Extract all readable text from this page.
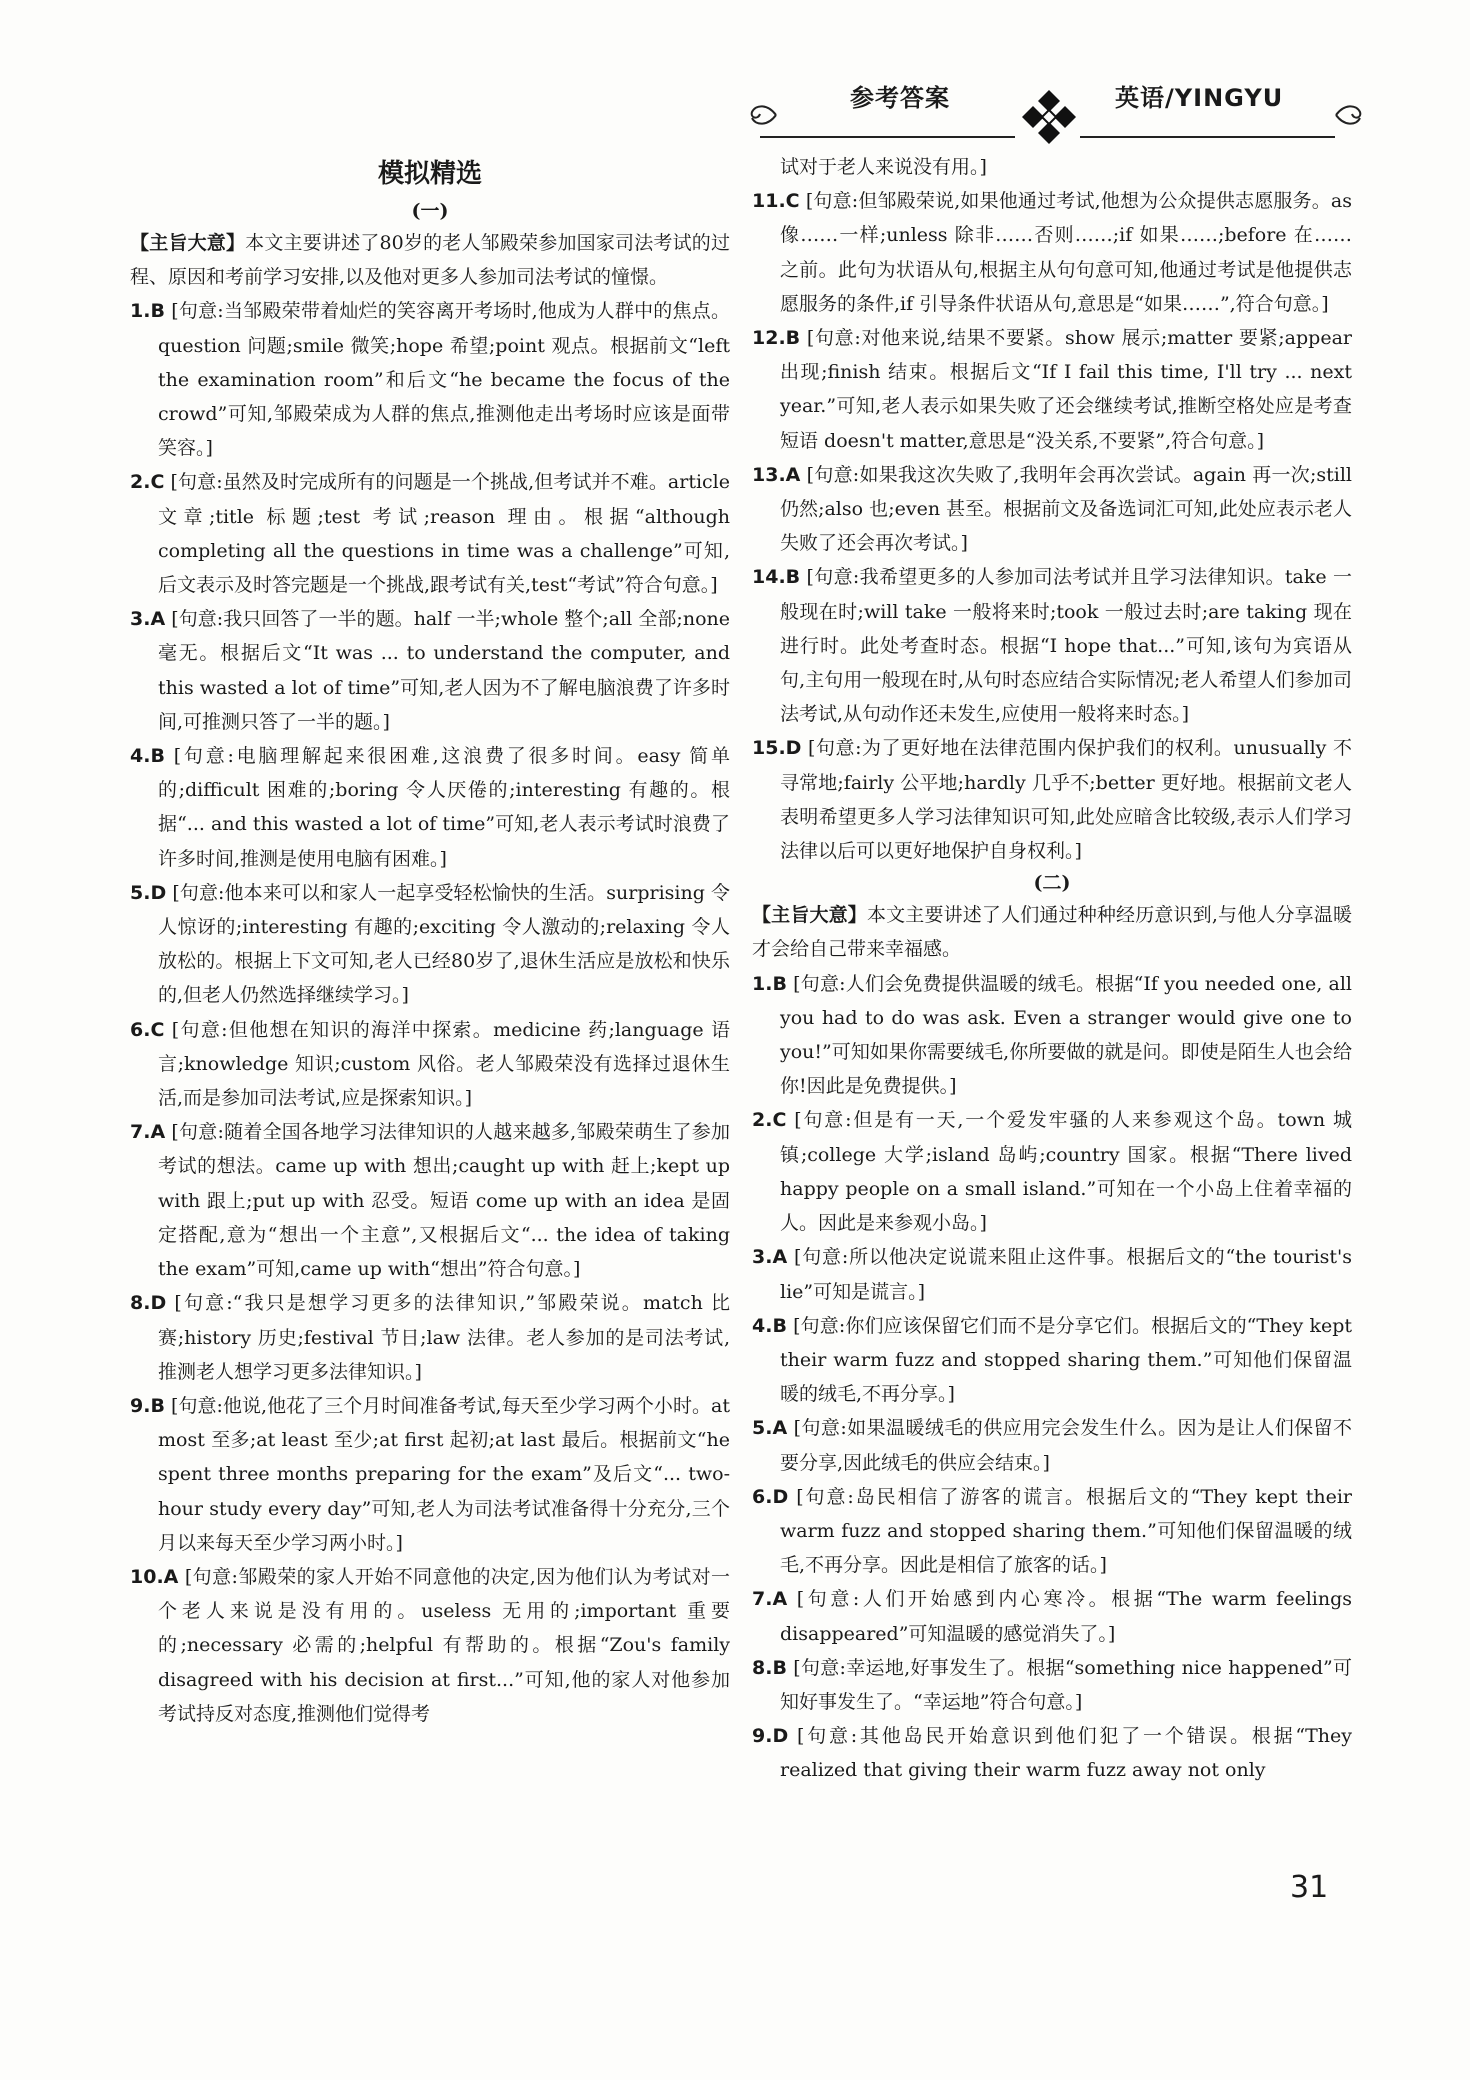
参考答案	英语/YINGYU
模拟精选
(一)

【主旨大意】本文主要讲述了80岁的老人邹殿荣参加国家司法考试的过程、原因和考前学习安排,以及他对更多人参加司法考试的憧憬。

1.B [句意:当邹殿荣带着灿烂的笑容离开考场时,他成为人群中的焦点。question 问题;smile 微笑;hope 希望;point 观点。根据前文“left the examination room”和后文“he became the focus of the crowd”可知,邹殿荣成为人群的焦点,推测他走出考场时应该是面带笑容。]

2.C [句意:虽然及时完成所有的问题是一个挑战,但考试并不难。article 文章;title 标题;test 考试;reason 理由。根据“although completing all the questions in time was a challenge”可知,后文表示及时答完题是一个挑战,跟考试有关,test“考试”符合句意。]

3.A [句意:我只回答了一半的题。half 一半;whole 整个;all 全部;none 毫无。根据后文“It was ... to understand the computer, and this wasted a lot of time”可知,老人因为不了解电脑浪费了许多时间,可推测只答了一半的题。]

4.B [句意:电脑理解起来很困难,这浪费了很多时间。easy 简单的;difficult 困难的;boring 令人厌倦的;interesting 有趣的。根据“... and this wasted a lot of time”可知,老人表示考试时浪费了许多时间,推测是使用电脑有困难。]

5.D [句意:他本来可以和家人一起享受轻松愉快的生活。surprising 令人惊讶的;interesting 有趣的;exciting 令人激动的;relaxing 令人放松的。根据上下文可知,老人已经80岁了,退休生活应是放松和快乐的,但老人仍然选择继续学习。]

6.C [句意:但他想在知识的海洋中探索。medicine 药;language 语言;knowledge 知识;custom 风俗。老人邹殿荣没有选择过退休生活,而是参加司法考试,应是探索知识。]

7.A [句意:随着全国各地学习法律知识的人越来越多,邹殿荣萌生了参加考试的想法。came up with 想出;caught up with 赶上;kept up with 跟上;put up with 忍受。短语 come up with an idea 是固定搭配,意为“想出一个主意”,又根据后文“... the idea of taking the exam”可知,came up with“想出”符合句意。]

8.D [句意:“我只是想学习更多的法律知识,”邹殿荣说。match 比赛;history 历史;festival 节日;law 法律。老人参加的是司法考试,推测老人想学习更多法律知识。]

9.B [句意:他说,他花了三个月时间准备考试,每天至少学习两个小时。at most 至多;at least 至少;at first 起初;at last 最后。根据前文“he spent three months preparing for the exam”及后文“... two-hour study every day”可知,老人为司法考试准备得十分充分,三个月以来每天至少学习两小时。]

10.A [句意:邹殿荣的家人开始不同意他的决定,因为他们认为考试对一个老人来说是没有用的。useless 无用的;important 重要的;necessary 必需的;helpful 有帮助的。根据“Zou's family disagreed with his decision at first...”可知,他的家人对他参加考试持反对态度,推测他们觉得考

试对于老人来说没有用。]

11.C [句意:但邹殿荣说,如果他通过考试,他想为公众提供志愿服务。as 像……一样;unless 除非……否则……;if 如果……;before 在……之前。此句为状语从句,根据主从句句意可知,他通过考试是他提供志愿服务的条件,if 引导条件状语从句,意思是“如果……”,符合句意。]

12.B [句意:对他来说,结果不要紧。show 展示;matter 要紧;appear 出现;finish 结束。根据后文“If I fail this time, I'll try ... next year.”可知,老人表示如果失败了还会继续考试,推断空格处应是考查短语 doesn't matter,意思是“没关系,不要紧”,符合句意。]

13.A [句意:如果我这次失败了,我明年会再次尝试。again 再一次;still 仍然;also 也;even 甚至。根据前文及备选词汇可知,此处应表示老人失败了还会再次考试。]

14.B [句意:我希望更多的人参加司法考试并且学习法律知识。take 一般现在时;will take 一般将来时;took 一般过去时;are taking 现在进行时。此处考查时态。根据“I hope that...”可知,该句为宾语从句,主句用一般现在时,从句时态应结合实际情况;老人希望人们参加司法考试,从句动作还未发生,应使用一般将来时态。]

15.D [句意:为了更好地在法律范围内保护我们的权利。unusually 不寻常地;fairly 公平地;hardly 几乎不;better 更好地。根据前文老人表明希望更多人学习法律知识可知,此处应暗含比较级,表示人们学习法律以后可以更好地保护自身权利。]

(二)

【主旨大意】本文主要讲述了人们通过种种经历意识到,与他人分享温暖才会给自己带来幸福感。

1.B [句意:人们会免费提供温暖的绒毛。根据“If you needed one, all you had to do was ask. Even a stranger would give one to you!”可知如果你需要绒毛,你所要做的就是问。即使是陌生人也会给你!因此是免费提供。]

2.C [句意:但是有一天,一个爱发牢骚的人来参观这个岛。town 城镇;college 大学;island 岛屿;country 国家。根据“There lived happy people on a small island.”可知在一个小岛上住着幸福的人。因此是来参观小岛。]

3.A [句意:所以他决定说谎来阻止这件事。根据后文的“the tourist's lie”可知是谎言。]

4.B [句意:你们应该保留它们而不是分享它们。根据后文的“They kept their warm fuzz and stopped sharing them.”可知他们保留温暖的绒毛,不再分享。]

5.A [句意:如果温暖绒毛的供应用完会发生什么。因为是让人们保留不要分享,因此绒毛的供应会结束。]

6.D [句意:岛民相信了游客的谎言。根据后文的“They kept their warm fuzz and stopped sharing them.”可知他们保留温暖的绒毛,不再分享。因此是相信了旅客的话。]

7.A [句意:人们开始感到内心寒冷。根据“The warm feelings disappeared”可知温暖的感觉消失了。]

8.B [句意:幸运地,好事发生了。根据“something nice happened”可知好事发生了。“幸运地”符合句意。]

9.D [句意:其他岛民开始意识到他们犯了一个错误。根据“They realized that giving their warm fuzz away not only

31
